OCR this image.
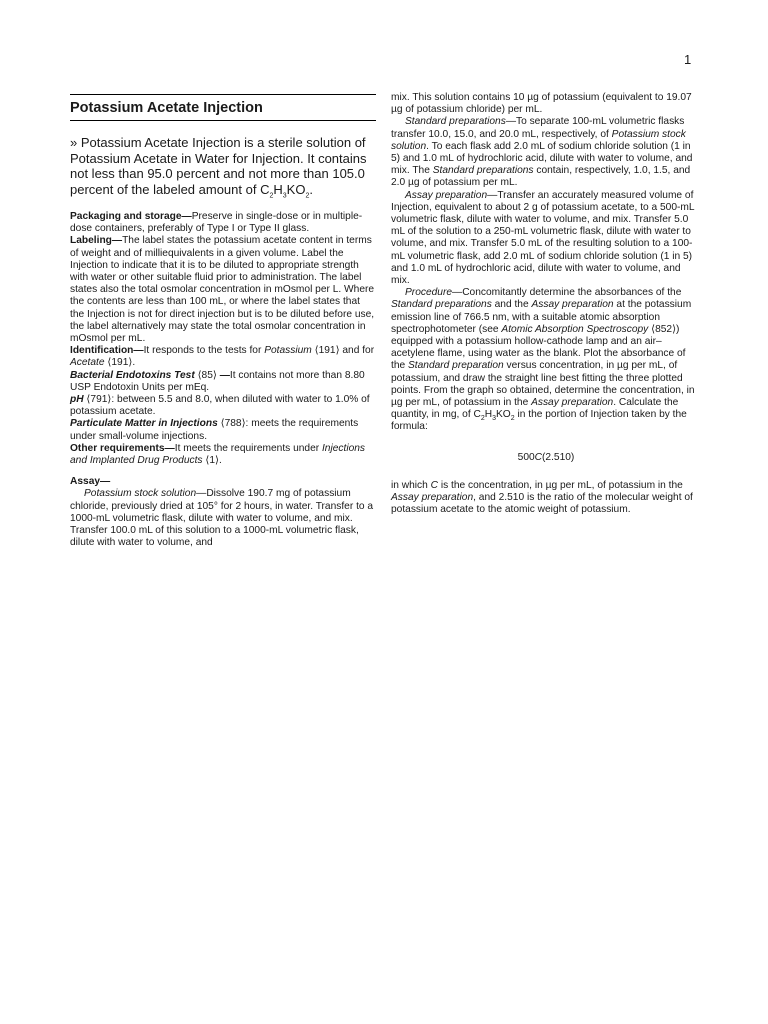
1
Potassium Acetate Injection

» Potassium Acetate Injection is a sterile solution of Potassium Acetate in Water for Injection. It contains not less than 95.0 percent and not more than 105.0 percent of the labeled amount of $C_2H_3KO_2$.

Packaging and storage—Preserve in single-dose or in multiple-dose containers, preferably of Type I or Type II glass.

Labeling—The label states the potassium acetate content in terms of weight and of milliequivalents in a given volume. Label the Injection to indicate that it is to be diluted to appropriate strength with water or other suitable fluid prior to administration. The label states also the total osmolar concentration in mOsmol per L. Where the contents are less than 100 mL, or where the label states that the Injection is not for direct injection but is to be diluted before use, the label alternatively may state the total osmolar concentration in mOsmol per mL.

Identification—It responds to the tests for Potassium ⟨191⟩ and for Acetate ⟨191⟩.

Bacterial Endotoxins Test ⟨85⟩ —It contains not more than 8.80 USP Endotoxin Units per mEq.

pH ⟨791⟩: between 5.5 and 8.0, when diluted with water to 1.0% of potassium acetate.

Particulate Matter in Injections ⟨788⟩: meets the requirements under small-volume injections.

Other requirements—It meets the requirements under Injections and Implanted Drug Products ⟨1⟩.

Assay—

Potassium stock solution—Dissolve 190.7 mg of potassium chloride, previously dried at 105° for 2 hours, in water. Transfer to a 1000-mL volumetric flask, dilute with water to volume, and mix. Transfer 100.0 mL of this solution to a 1000-mL volumetric flask, dilute with water to volume, and

mix. This solution contains 10 µg of potassium (equivalent to 19.07 µg of potassium chloride) per mL.

Standard preparations—To separate 100-mL volumetric flasks transfer 10.0, 15.0, and 20.0 mL, respectively, of Potassium stock solution. To each flask add 2.0 mL of sodium chloride solution (1 in 5) and 1.0 mL of hydrochloric acid, dilute with water to volume, and mix. The Standard preparations contain, respectively, 1.0, 1.5, and 2.0 µg of potassium per mL.

Assay preparation—Transfer an accurately measured volume of Injection, equivalent to about 2 g of potassium acetate, to a 500-mL volumetric flask, dilute with water to volume, and mix. Transfer 5.0 mL of the solution to a 250-mL volumetric flask, dilute with water to volume, and mix. Transfer 5.0 mL of the resulting solution to a 100-mL volumetric flask, add 2.0 mL of sodium chloride solution (1 in 5) and 1.0 mL of hydrochloric acid, dilute with water to volume, and mix.

Procedure—Concomitantly determine the absorbances of the Standard preparations and the Assay preparation at the potassium emission line of 766.5 nm, with a suitable atomic absorption spectrophotometer (see Atomic Absorption Spectroscopy ⟨852⟩) equipped with a potassium hollow-cathode lamp and an air–acetylene flame, using water as the blank. Plot the absorbance of the Standard preparation versus concentration, in µg per mL, of potassium, and draw the straight line best fitting the three plotted points. From the graph so obtained, determine the concentration, in µg per mL, of potassium in the Assay preparation. Calculate the quantity, in mg, of $C_2H_3KO_2$ in the portion of Injection taken by the formula:

500C(2.510)

in which C is the concentration, in µg per mL, of potassium in the Assay preparation, and 2.510 is the ratio of the molecular weight of potassium acetate to the atomic weight of potassium.
